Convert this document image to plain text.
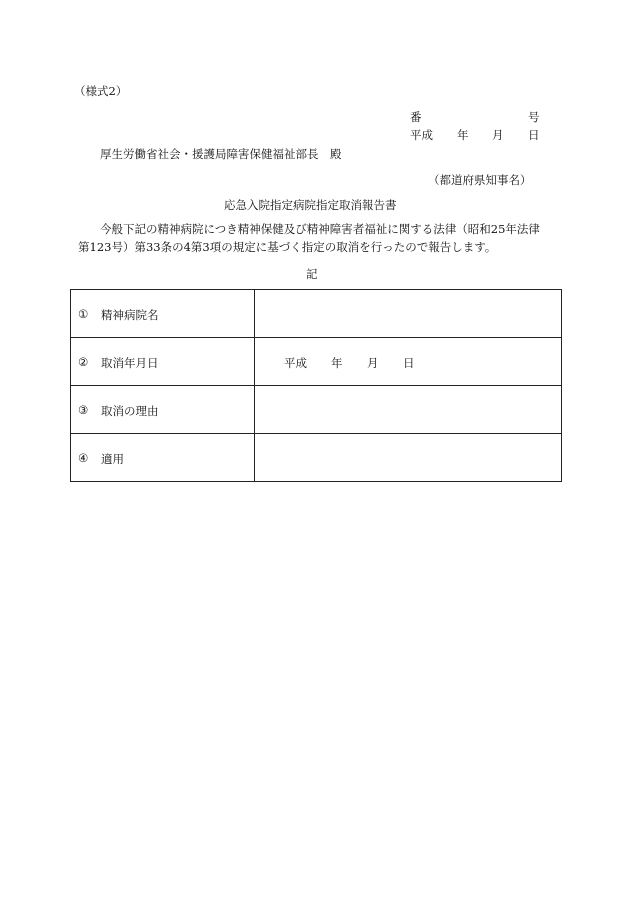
（様式2）
番	号
平成 年 月 日
厚生労働省社会・援護局障害保健福祉部長　殿
（都道府県知事名）
応急入院指定病院指定取消報告書
今般下記の精神病院につき精神保健及び精神障害者福祉に関する法律（昭和25年法律
第123号）第33条の4第3項の規定に基づく指定の取消を行ったので報告します。
記
① 精神病院名	

② 取消年月日	平成 年 月 日

③ 取消の理由	

④ 適用	
